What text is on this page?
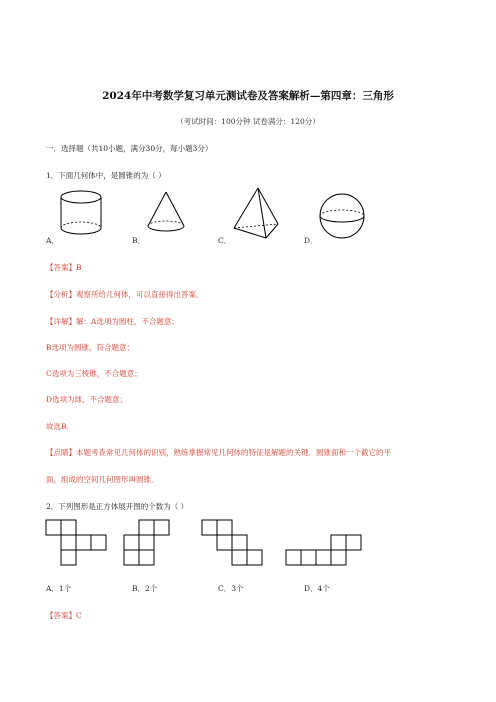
2024年中考数学复习单元测试卷及答案解析—第四章：三角形
（考试时间：100分钟 试卷满分：120分）
一．选择题（共10小题，满分30分，每小题3分）
1．下面几何体中，是圆锥的为（ ）
A．	B．	C．	D．
【答案】B
【分析】观察所给几何体，可以直接得出答案．
【详解】解：A选项为圆柱，不合题意；
B选项为圆锥，符合题意；
C选项为三棱锥，不合题意；
D选项为球，不合题意；
故选B．
【点睛】本题考查常见几何体的识别，熟练掌握常见几何体的特征是解题的关键．圆锥面和一个截它的平
面，组成的空间几何图形叫圆锥．
2．下列图形是正方体展开图的个数为（ ）
A．1个	B．2个	C．3个	D．4个
【答案】C
